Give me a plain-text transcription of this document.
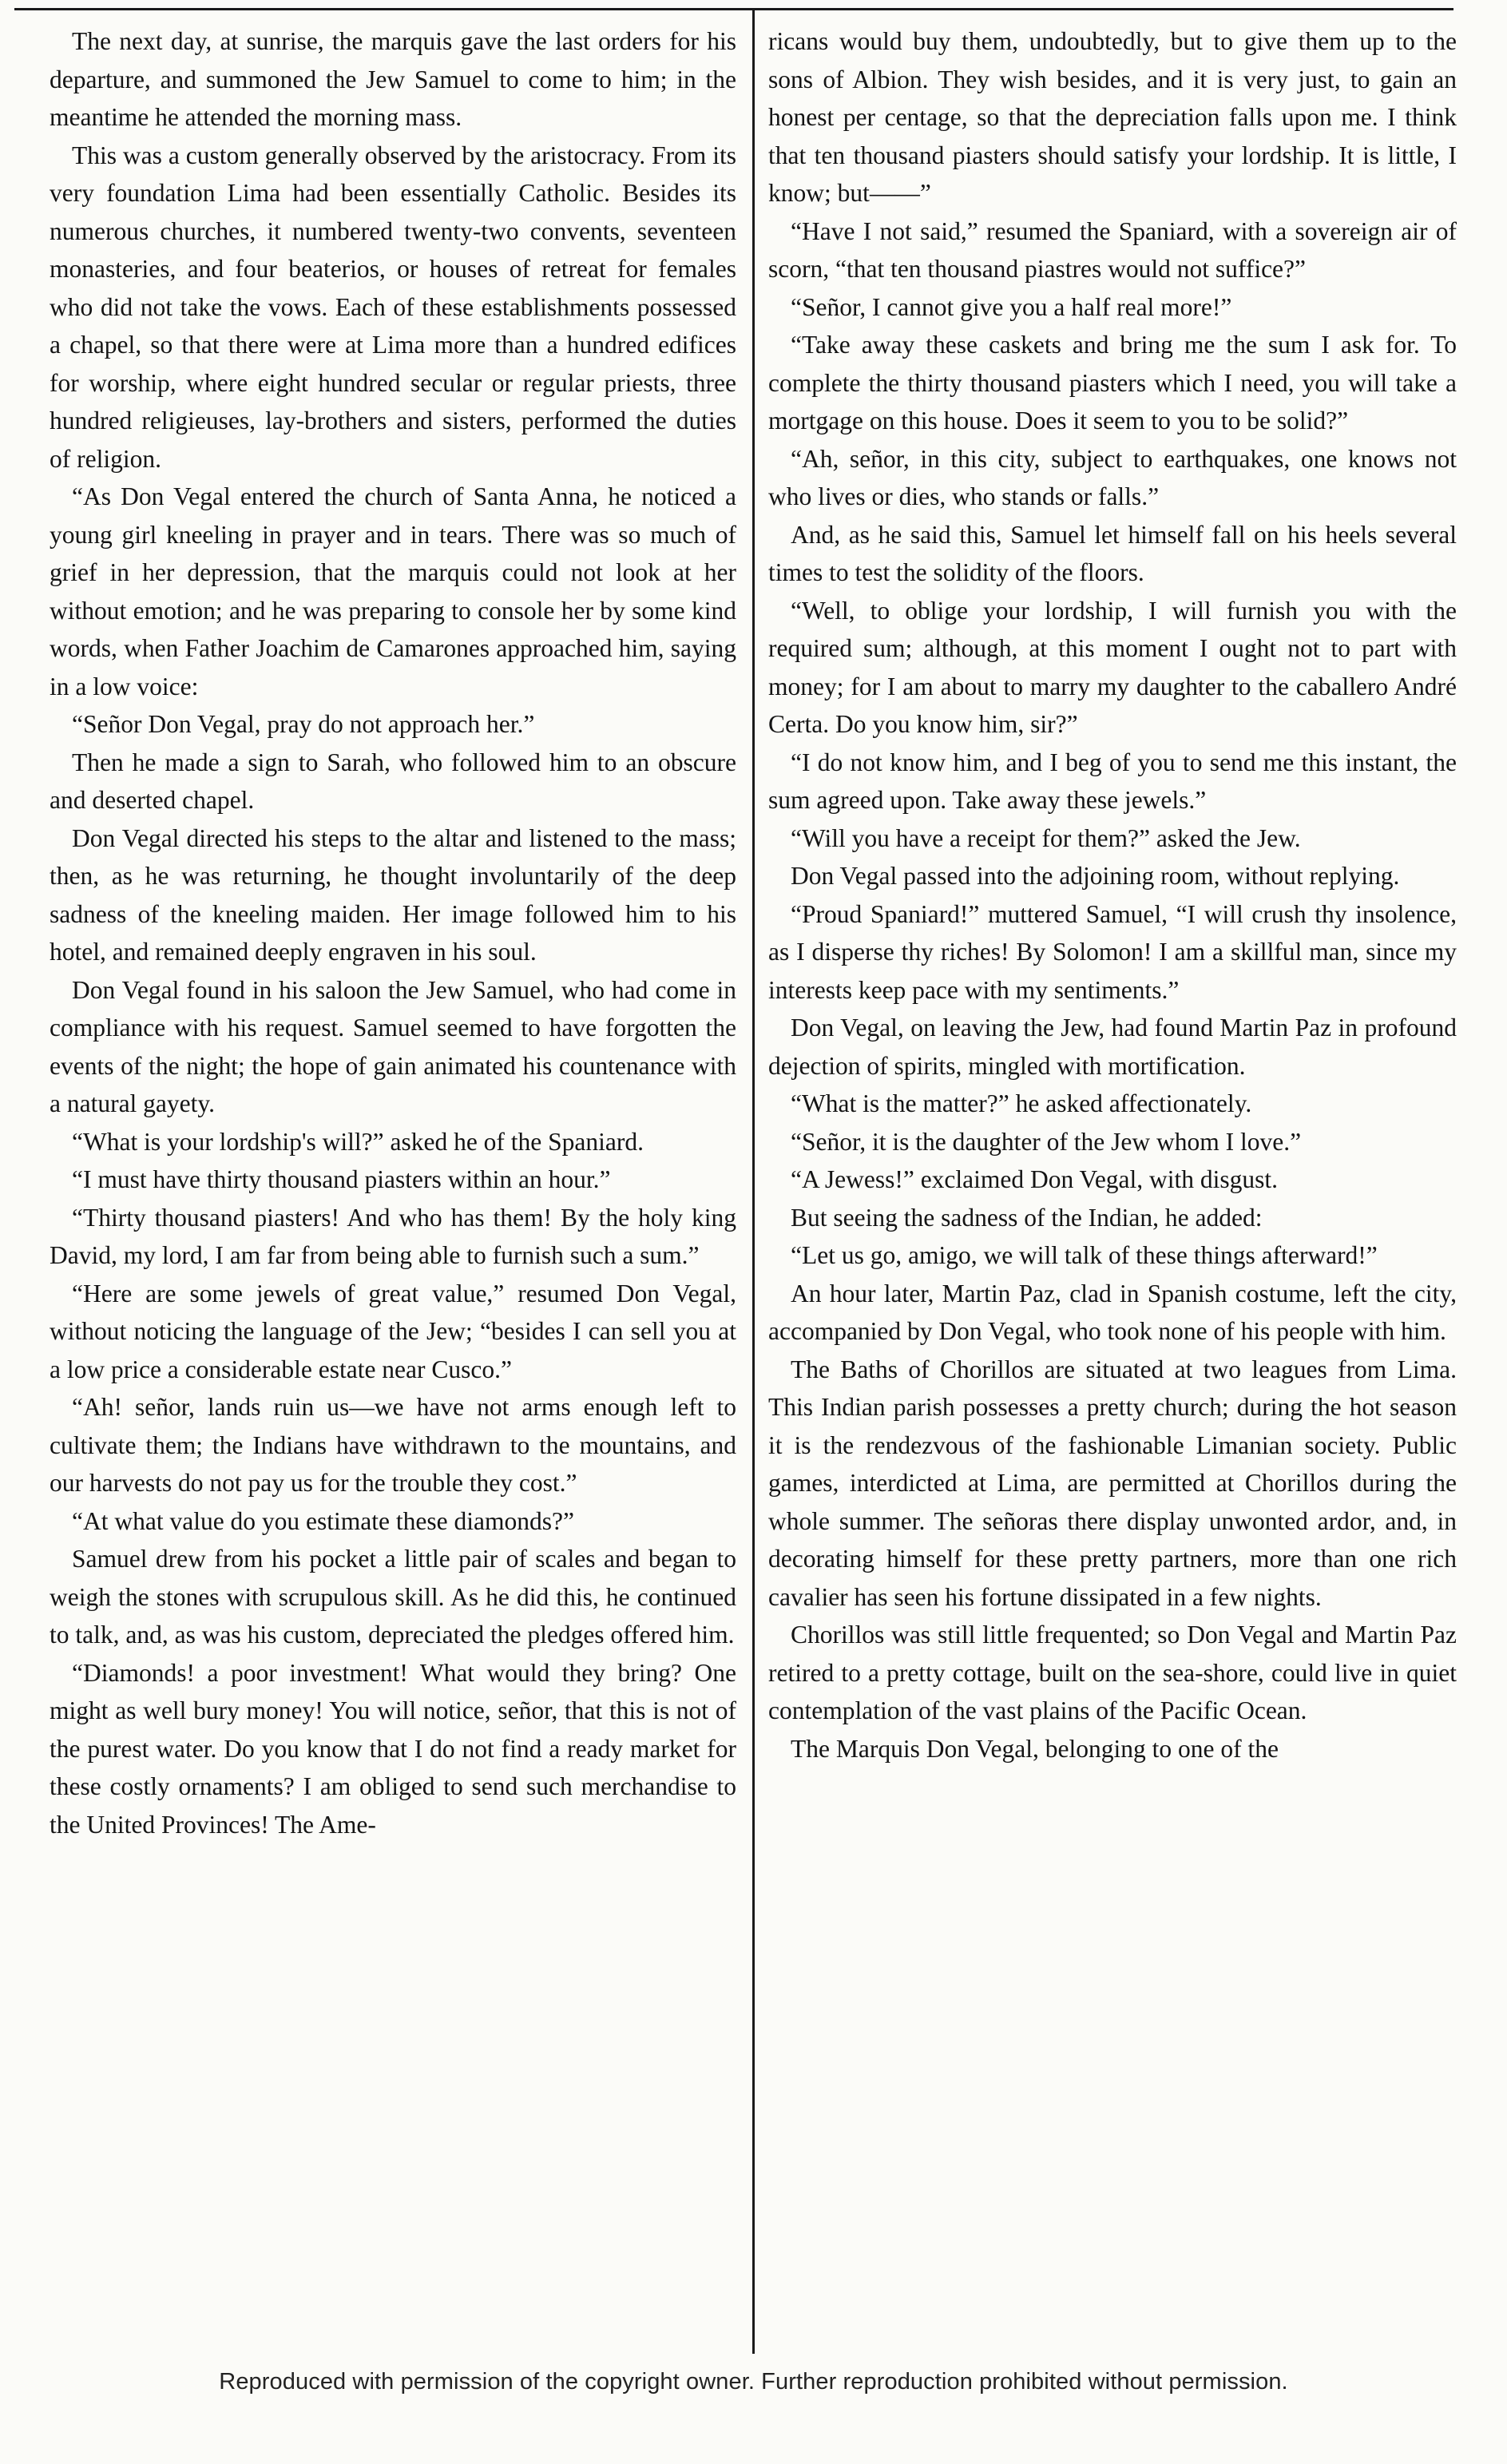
The next day, at sunrise, the marquis gave the last orders for his departure, and summoned the Jew Samuel to come to him; in the meantime he attended the morning mass.

This was a custom generally observed by the aristocracy. From its very foundation Lima had been essentially Catholic. Besides its numerous churches, it numbered twenty-two convents, seventeen monasteries, and four beaterios, or houses of retreat for females who did not take the vows. Each of these establishments possessed a chapel, so that there were at Lima more than a hundred edifices for worship, where eight hundred secular or regular priests, three hundred religieuses, lay-brothers and sisters, performed the duties of religion.

“As Don Vegal entered the church of Santa Anna, he noticed a young girl kneeling in prayer and in tears. There was so much of grief in her depression, that the marquis could not look at her without emotion; and he was preparing to console her by some kind words, when Father Joachim de Camarones approached him, saying in a low voice:

“Señor Don Vegal, pray do not approach her.”

Then he made a sign to Sarah, who followed him to an obscure and deserted chapel.

Don Vegal directed his steps to the altar and listened to the mass; then, as he was returning, he thought involuntarily of the deep sadness of the kneeling maiden. Her image followed him to his hotel, and remained deeply engraven in his soul.

Don Vegal found in his saloon the Jew Samuel, who had come in compliance with his request. Samuel seemed to have forgotten the events of the night; the hope of gain animated his countenance with a natural gayety.

“What is your lordship's will?” asked he of the Spaniard.

“I must have thirty thousand piasters within an hour.”

“Thirty thousand piasters! And who has them! By the holy king David, my lord, I am far from being able to furnish such a sum.”

“Here are some jewels of great value,” resumed Don Vegal, without noticing the language of the Jew; “besides I can sell you at a low price a considerable estate near Cusco.”

“Ah! señor, lands ruin us—we have not arms enough left to cultivate them; the Indians have withdrawn to the mountains, and our harvests do not pay us for the trouble they cost.”

“At what value do you estimate these diamonds?”

Samuel drew from his pocket a little pair of scales and began to weigh the stones with scrupulous skill. As he did this, he continued to talk, and, as was his custom, depreciated the pledges offered him.

“Diamonds! a poor investment! What would they bring? One might as well bury money! You will notice, señor, that this is not of the purest water. Do you know that I do not find a ready market for these costly ornaments? I am obliged to send such merchandise to the United Provinces! The Ame-

ricans would buy them, undoubtedly, but to give them up to the sons of Albion. They wish besides, and it is very just, to gain an honest per centage, so that the depreciation falls upon me. I think that ten thousand piasters should satisfy your lordship. It is little, I know; but——”

“Have I not said,” resumed the Spaniard, with a sovereign air of scorn, “that ten thousand piastres would not suffice?”

“Señor, I cannot give you a half real more!”

“Take away these caskets and bring me the sum I ask for. To complete the thirty thousand piasters which I need, you will take a mortgage on this house. Does it seem to you to be solid?”

“Ah, señor, in this city, subject to earthquakes, one knows not who lives or dies, who stands or falls.”

And, as he said this, Samuel let himself fall on his heels several times to test the solidity of the floors.

“Well, to oblige your lordship, I will furnish you with the required sum; although, at this moment I ought not to part with money; for I am about to marry my daughter to the caballero André Certa. Do you know him, sir?”

“I do not know him, and I beg of you to send me this instant, the sum agreed upon. Take away these jewels.”

“Will you have a receipt for them?” asked the Jew.

Don Vegal passed into the adjoining room, without replying.

“Proud Spaniard!” muttered Samuel, “I will crush thy insolence, as I disperse thy riches! By Solomon! I am a skillful man, since my interests keep pace with my sentiments.”

Don Vegal, on leaving the Jew, had found Martin Paz in profound dejection of spirits, mingled with mortification.

“What is the matter?” he asked affectionately.

“Señor, it is the daughter of the Jew whom I love.”

“A Jewess!” exclaimed Don Vegal, with disgust.

But seeing the sadness of the Indian, he added:

“Let us go, amigo, we will talk of these things afterward!”

An hour later, Martin Paz, clad in Spanish costume, left the city, accompanied by Don Vegal, who took none of his people with him.

The Baths of Chorillos are situated at two leagues from Lima. This Indian parish possesses a pretty church; during the hot season it is the rendezvous of the fashionable Limanian society. Public games, interdicted at Lima, are permitted at Chorillos during the whole summer. The señoras there display unwonted ardor, and, in decorating himself for these pretty partners, more than one rich cavalier has seen his fortune dissipated in a few nights.

Chorillos was still little frequented; so Don Vegal and Martin Paz retired to a pretty cottage, built on the sea-shore, could live in quiet contemplation of the vast plains of the Pacific Ocean.

The Marquis Don Vegal, belonging to one of the

Reproduced with permission of the copyright owner. Further reproduction prohibited without permission.
